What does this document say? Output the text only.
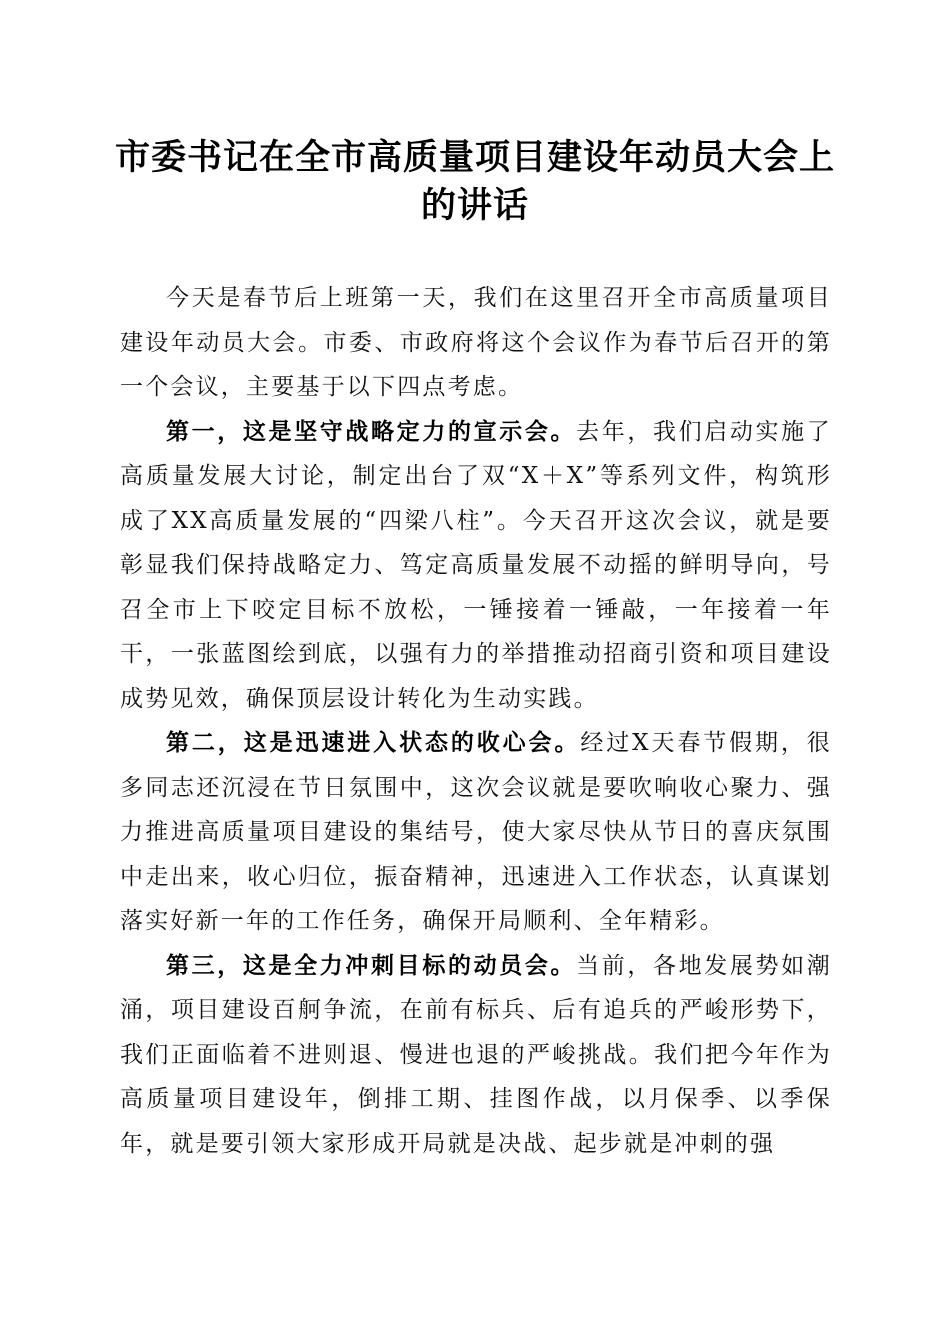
市委书记在全市高质量项目建设年动员大会上的讲话

今天是春节后上班第一天，我们在这里召开全市高质量项目建设年动员大会。市委、市政府将这个会议作为春节后召开的第一个会议，主要基于以下四点考虑。

第一，这是坚守战略定力的宣示会。去年，我们启动实施了高质量发展大讨论，制定出台了双“X＋X”等系列文件，构筑形成了XX高质量发展的“四梁八柱”。今天召开这次会议，就是要彰显我们保持战略定力、笃定高质量发展不动摇的鲜明导向，号召全市上下咬定目标不放松，一锤接着一锤敲，一年接着一年干，一张蓝图绘到底，以强有力的举措推动招商引资和项目建设成势见效，确保顶层设计转化为生动实践。

第二，这是迅速进入状态的收心会。经过X天春节假期，很多同志还沉浸在节日氛围中，这次会议就是要吹响收心聚力、强力推进高质量项目建设的集结号，使大家尽快从节日的喜庆氛围中走出来，收心归位，振奋精神，迅速进入工作状态，认真谋划落实好新一年的工作任务，确保开局顺利、全年精彩。

第三，这是全力冲刺目标的动员会。当前，各地发展势如潮涌，项目建设百舸争流，在前有标兵、后有追兵的严峻形势下，我们正面临着不进则退、慢进也退的严峻挑战。我们把今年作为高质量项目建设年，倒排工期、挂图作战，以月保季、以季保年，就是要引领大家形成开局就是决战、起步就是冲刺的强
